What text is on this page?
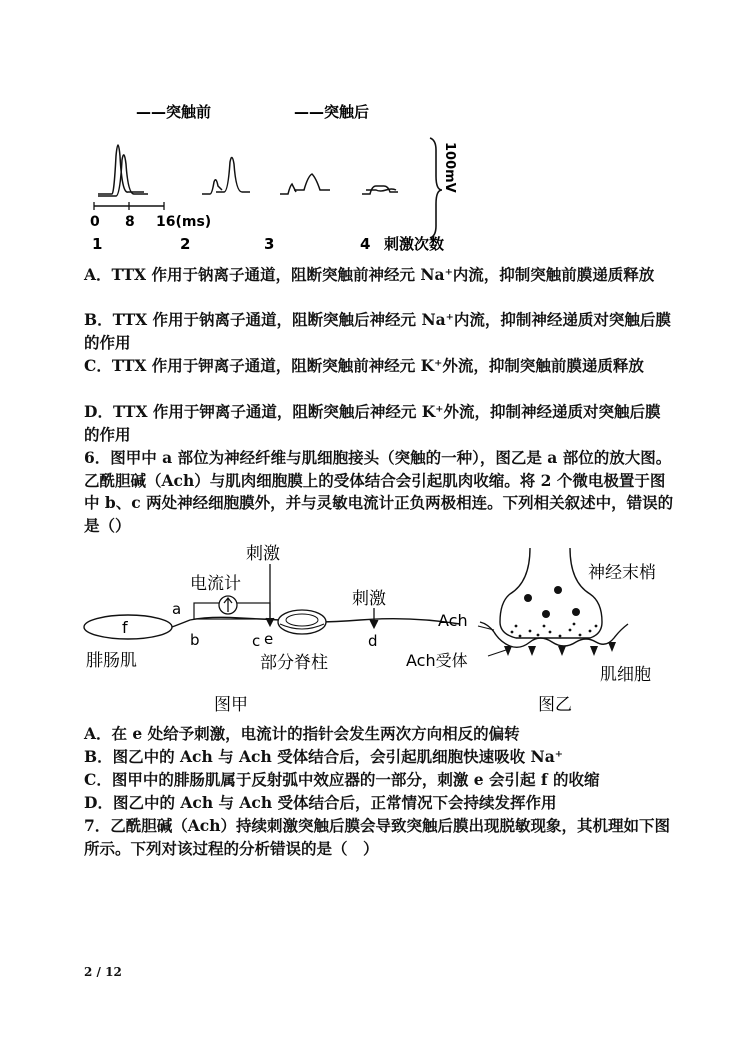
——突触前	——突触后
100mV
0 8 16(ms)
1	2	3	4 刺激次数

A．TTX 作用于钠离子通道，阻断突触前神经元 Na⁺内流，抑制突触前膜递质释放

B．TTX 作用于钠离子通道，阻断突触后神经元 Na⁺内流，抑制神经递质对突触后膜的作用

C．TTX 作用于钾离子通道，阻断突触前神经元 K⁺外流，抑制突触前膜递质释放

D．TTX 作用于钾离子通道，阻断突触后神经元 K⁺外流，抑制神经递质对突触后膜的作用

6．图甲中 a 部位为神经纤维与肌细胞接头（突触的一种），图乙是 a 部位的放大图。乙酰胆碱（Ach）与肌肉细胞膜上的受体结合会引起肌肉收缩。将 2 个微电极置于图中 b、c 两处神经细胞膜外，并与灵敏电流计正负两极相连。下列相关叙述中，错误的是（）

f
电流计
a
b	c e
刺激
刺激
d
腓肠肌	部分脊柱
图甲
神经末梢
Ach
Ach受体
肌细胞
图乙

A．在 e 处给予刺激，电流计的指针会发生两次方向相反的偏转

B．图乙中的 Ach 与 Ach 受体结合后，会引起肌细胞快速吸收 Na⁺

C．图甲中的腓肠肌属于反射弧中效应器的一部分，刺激 e 会引起 f 的收缩

D．图乙中的 Ach 与 Ach 受体结合后，正常情况下会持续发挥作用

7．乙酰胆碱（Ach）持续刺激突触后膜会导致突触后膜出现脱敏现象，其机理如下图所示。下列对该过程的分析错误的是（　）

2 / 12
